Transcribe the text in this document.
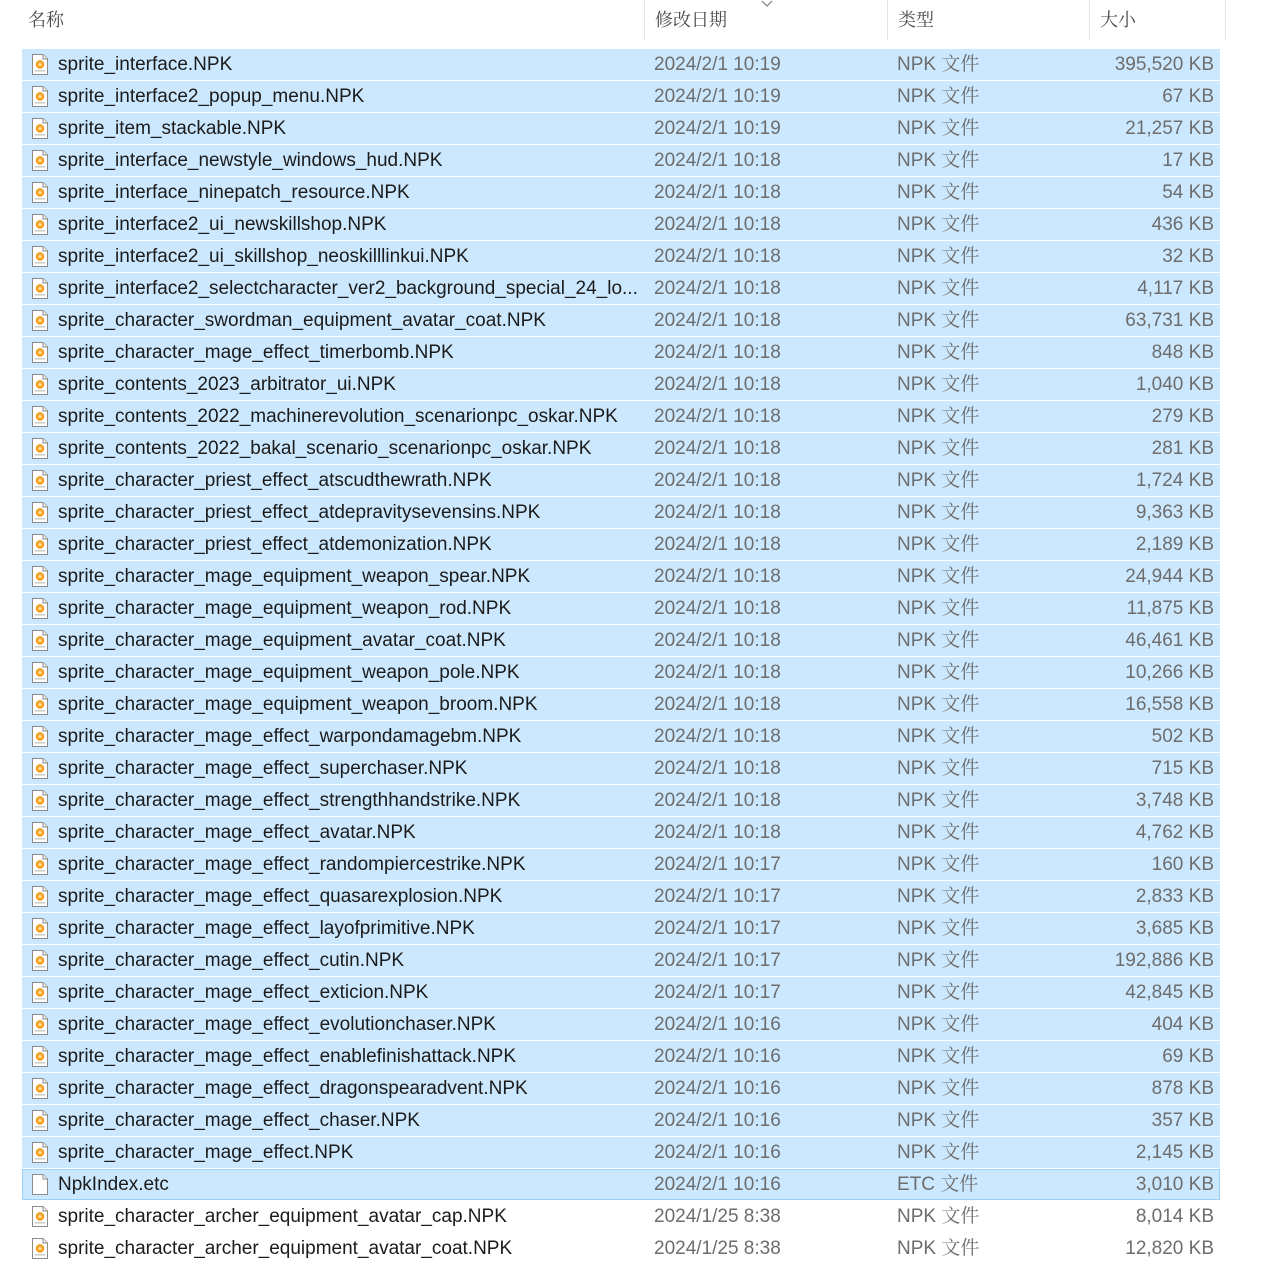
名称	修改日期	类型	大小
sprite_interface.NPK	2024/2/1 10:19	NPK 文件	395,520 KB
sprite_interface2_popup_menu.NPK	2024/2/1 10:19	NPK 文件	67 KB
sprite_item_stackable.NPK	2024/2/1 10:19	NPK 文件	21,257 KB
sprite_interface_newstyle_windows_hud.NPK	2024/2/1 10:18	NPK 文件	17 KB
sprite_interface_ninepatch_resource.NPK	2024/2/1 10:18	NPK 文件	54 KB
sprite_interface2_ui_newskillshop.NPK	2024/2/1 10:18	NPK 文件	436 KB
sprite_interface2_ui_skillshop_neoskilllinkui.NPK	2024/2/1 10:18	NPK 文件	32 KB
sprite_interface2_selectcharacter_ver2_background_special_24_lo... 2024/2/1 10:18	NPK 文件	4,117 KB
sprite_character_swordman_equipment_avatar_coat.NPK	2024/2/1 10:18	NPK 文件	63,731 KB
sprite_character_mage_effect_timerbomb.NPK	2024/2/1 10:18	NPK 文件	848 KB
sprite_contents_2023_arbitrator_ui.NPK	2024/2/1 10:18	NPK 文件	1,040 KB
sprite_contents_2022_machinerevolution_scenarionpc_oskar.NPK	2024/2/1 10:18	NPK 文件	279 KB
sprite_contents_2022_bakal_scenario_scenarionpc_oskar.NPK	2024/2/1 10:18	NPK 文件	281 KB
sprite_character_priest_effect_atscudthewrath.NPK	2024/2/1 10:18	NPK 文件	1,724 KB
sprite_character_priest_effect_atdepravitysevensins.NPK	2024/2/1 10:18	NPK 文件	9,363 KB
sprite_character_priest_effect_atdemonization.NPK	2024/2/1 10:18	NPK 文件	2,189 KB
sprite_character_mage_equipment_weapon_spear.NPK	2024/2/1 10:18	NPK 文件	24,944 KB
sprite_character_mage_equipment_weapon_rod.NPK	2024/2/1 10:18	NPK 文件	11,875 KB
sprite_character_mage_equipment_avatar_coat.NPK	2024/2/1 10:18	NPK 文件	46,461 KB
sprite_character_mage_equipment_weapon_pole.NPK	2024/2/1 10:18	NPK 文件	10,266 KB
sprite_character_mage_equipment_weapon_broom.NPK	2024/2/1 10:18	NPK 文件	16,558 KB
sprite_character_mage_effect_warpondamagebm.NPK	2024/2/1 10:18	NPK 文件	502 KB
sprite_character_mage_effect_superchaser.NPK	2024/2/1 10:18	NPK 文件	715 KB
sprite_character_mage_effect_strengthhandstrike.NPK	2024/2/1 10:18	NPK 文件	3,748 KB
sprite_character_mage_effect_avatar.NPK	2024/2/1 10:18	NPK 文件	4,762 KB
sprite_character_mage_effect_randompiercestrike.NPK	2024/2/1 10:17	NPK 文件	160 KB
sprite_character_mage_effect_quasarexplosion.NPK	2024/2/1 10:17	NPK 文件	2,833 KB
sprite_character_mage_effect_layofprimitive.NPK	2024/2/1 10:17	NPK 文件	3,685 KB
sprite_character_mage_effect_cutin.NPK	2024/2/1 10:17	NPK 文件	192,886 KB
sprite_character_mage_effect_exticion.NPK	2024/2/1 10:17	NPK 文件	42,845 KB
sprite_character_mage_effect_evolutionchaser.NPK	2024/2/1 10:16	NPK 文件	404 KB
sprite_character_mage_effect_enablefinishattack.NPK	2024/2/1 10:16	NPK 文件	69 KB
sprite_character_mage_effect_dragonspearadvent.NPK	2024/2/1 10:16	NPK 文件	878 KB
sprite_character_mage_effect_chaser.NPK	2024/2/1 10:16	NPK 文件	357 KB
sprite_character_mage_effect.NPK	2024/2/1 10:16	NPK 文件	2,145 KB
NpkIndex.etc	2024/2/1 10:16	ETC 文件	3,010 KB
sprite_character_archer_equipment_avatar_cap.NPK	2024/1/25 8:38	NPK 文件	8,014 KB
sprite_character_archer_equipment_avatar_coat.NPK	2024/1/25 8:38	NPK 文件	12,820 KB
